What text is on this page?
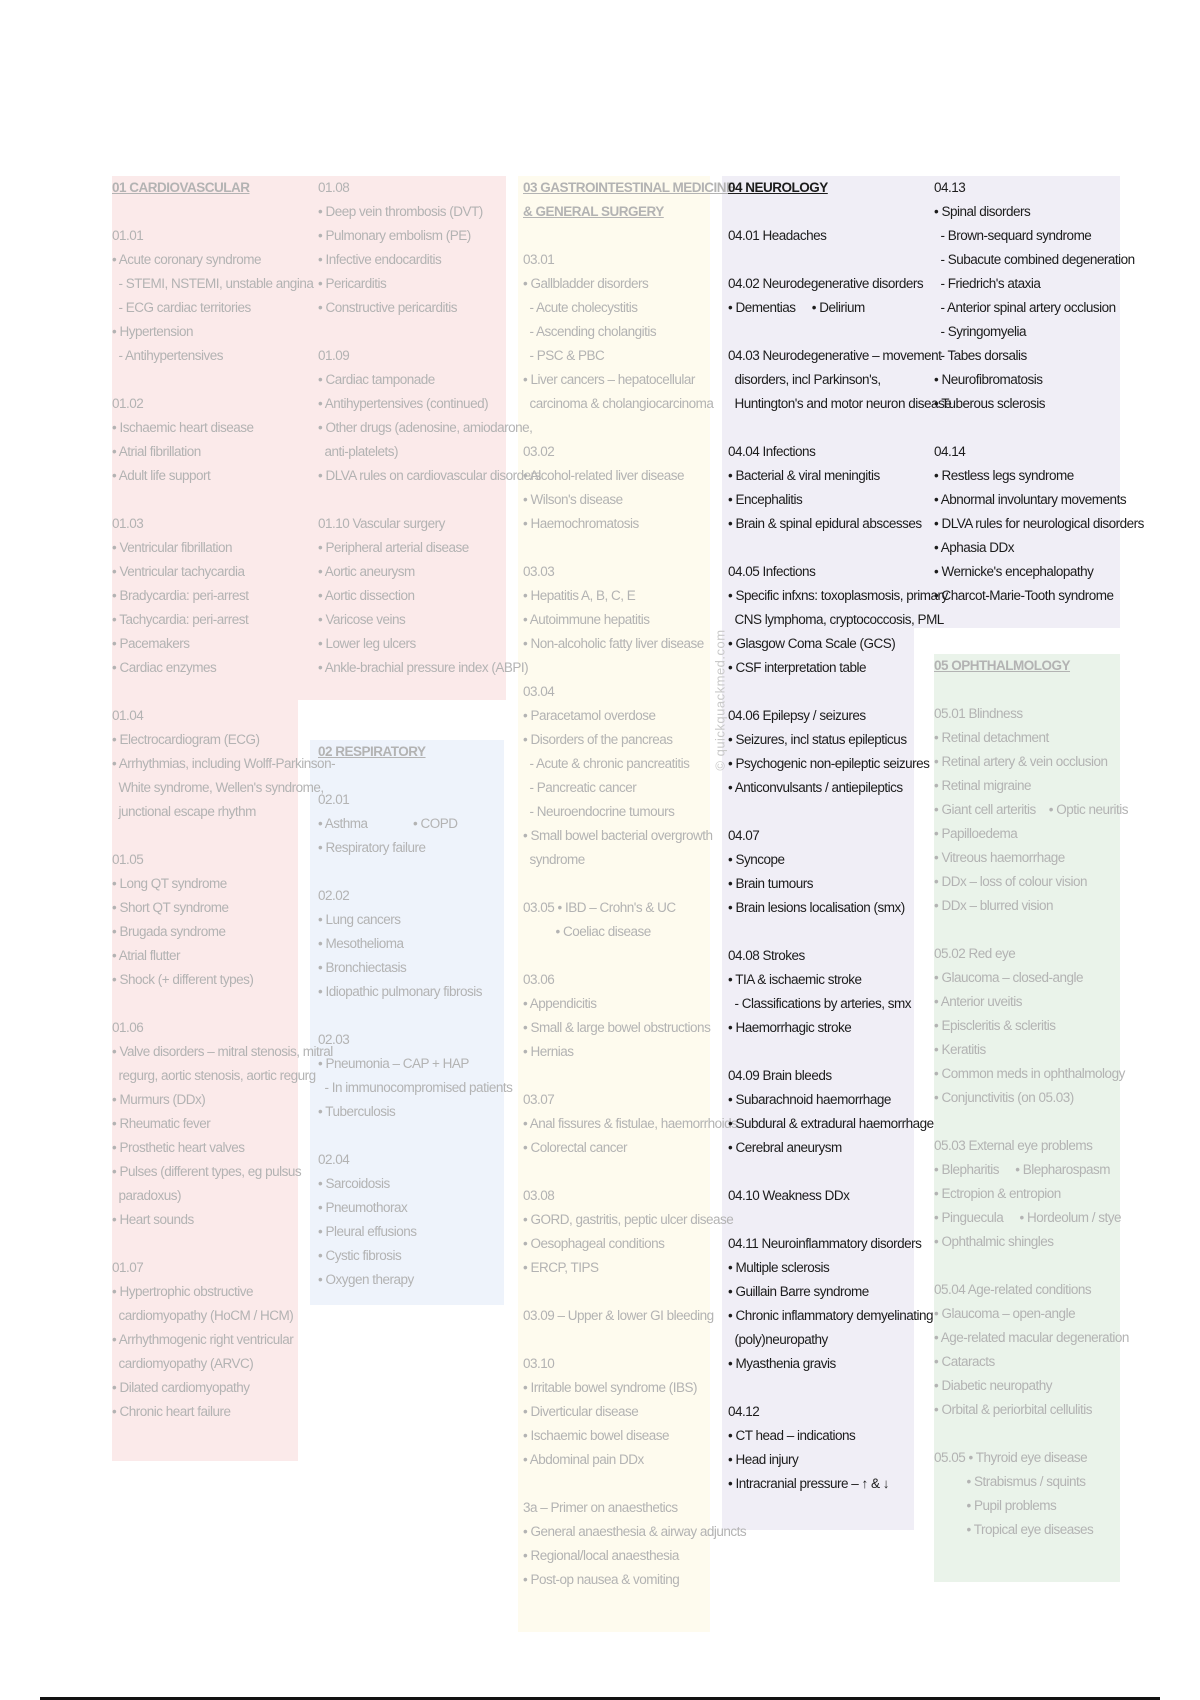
01 CARDIOVASCULAR
01.01
• Acute coronary syndrome
- STEMI, NSTEMI, unstable angina
- ECG cardiac territories
• Hypertension
- Antihypertensives
01.02
• Ischaemic heart disease
• Atrial fibrillation
• Adult life support
01.03
• Ventricular fibrillation
• Ventricular tachycardia
• Bradycardia: peri-arrest
• Tachycardia: peri-arrest
• Pacemakers
• Cardiac enzymes
01.04
• Electrocardiogram (ECG)
• Arrhythmias, including Wolff-Parkinson-
White syndrome, Wellen's syndrome,
junctional escape rhythm
01.05
• Long QT syndrome
• Short QT syndrome
• Brugada syndrome
• Atrial flutter
• Shock (+ different types)
01.06
• Valve disorders – mitral stenosis, mitral
regurg, aortic stenosis, aortic regurg
• Murmurs (DDx)
• Rheumatic fever
• Prosthetic heart valves
• Pulses (different types, eg pulsus
paradoxus)
• Heart sounds
01.07
• Hypertrophic obstructive
cardiomyopathy (HoCM / HCM)
• Arrhythmogenic right ventricular
cardiomyopathy (ARVC)
• Dilated cardiomyopathy
• Chronic heart failure
01.08
• Deep vein thrombosis (DVT)
• Pulmonary embolism (PE)
• Infective endocarditis
• Pericarditis
• Constructive pericarditis
01.09
• Cardiac tamponade
• Antihypertensives (continued)
• Other drugs (adenosine, amiodarone,
anti-platelets)
• DLVA rules on cardiovascular disorders
01.10 Vascular surgery
• Peripheral arterial disease
• Aortic aneurysm
• Aortic dissection
• Varicose veins
• Lower leg ulcers
• Ankle-brachial pressure index (ABPI)
02 RESPIRATORY
02.01
• Asthma              • COPD
• Respiratory failure
02.02
• Lung cancers
• Mesothelioma
• Bronchiectasis
• Idiopathic pulmonary fibrosis
02.03
• Pneumonia – CAP + HAP
- In immunocompromised patients
• Tuberculosis
02.04
• Sarcoidosis
• Pneumothorax
• Pleural effusions
• Cystic fibrosis
• Oxygen therapy
03 GASTROINTESTINAL MEDICINE
& GENERAL SURGERY
03.01
• Gallbladder disorders
- Acute cholecystitis
- Ascending cholangitis
- PSC & PBC
• Liver cancers – hepatocellular
carcinoma & cholangiocarcinoma
03.02
• Alcohol-related liver disease
• Wilson's disease
• Haemochromatosis
03.03
• Hepatitis A, B, C, E
• Autoimmune hepatitis
• Non-alcoholic fatty liver disease
03.04
• Paracetamol overdose
• Disorders of the pancreas
- Acute & chronic pancreatitis
- Pancreatic cancer
- Neuroendocrine tumours
• Small bowel bacterial overgrowth
syndrome
03.05 • IBD – Crohn's & UC
• Coeliac disease
03.06
• Appendicitis
• Small & large bowel obstructions
• Hernias
03.07
• Anal fissures & fistulae, haemorrhoids
• Colorectal cancer
03.08
• GORD, gastritis, peptic ulcer disease
• Oesophageal conditions
• ERCP, TIPS
03.09 – Upper & lower GI bleeding
03.10
• Irritable bowel syndrome (IBS)
• Diverticular disease
• Ischaemic bowel disease
• Abdominal pain DDx
3a – Primer on anaesthetics
• General anaesthesia & airway adjuncts
• Regional/local anaesthesia
• Post-op nausea & vomiting
04 NEUROLOGY
04.01 Headaches
04.02 Neurodegenerative disorders
• Dementias     • Delirium
04.03 Neurodegenerative – movement
disorders, incl Parkinson's,
Huntington's and motor neuron disease
04.04 Infections
• Bacterial & viral meningitis
• Encephalitis
• Brain & spinal epidural abscesses
04.05 Infections
• Specific infxns: toxoplasmosis, primary
CNS lymphoma, cryptococcosis, PML
• Glasgow Coma Scale (GCS)
• CSF interpretation table
04.06 Epilepsy / seizures
• Seizures, incl status epilepticus
• Psychogenic non-epileptic seizures
• Anticonvulsants / antiepileptics
04.07
• Syncope
• Brain tumours
• Brain lesions localisation (smx)
04.08 Strokes
• TIA & ischaemic stroke
- Classifications by arteries, smx
• Haemorrhagic stroke
04.09 Brain bleeds
• Subarachnoid haemorrhage
• Subdural & extradural haemorrhage
• Cerebral aneurysm
04.10 Weakness DDx
04.11 Neuroinflammatory disorders
• Multiple sclerosis
• Guillain Barre syndrome
• Chronic inflammatory demyelinating
(poly)neuropathy
• Myasthenia gravis
04.12
• CT head – indications
• Head injury
• Intracranial pressure – ↑ & ↓
04.13
• Spinal disorders
- Brown-sequard syndrome
- Subacute combined degeneration
- Friedrich's ataxia
- Anterior spinal artery occlusion
- Syringomyelia
- Tabes dorsalis
• Neurofibromatosis
• Tuberous sclerosis
04.14
• Restless legs syndrome
• Abnormal involuntary movements
• DLVA rules for neurological disorders
• Aphasia DDx
• Wernicke's encephalopathy
• Charcot-Marie-Tooth syndrome
05 OPHTHALMOLOGY
05.01 Blindness
• Retinal detachment
• Retinal artery & vein occlusion
• Retinal migraine
• Giant cell arteritis    • Optic neuritis
• Papilloedema
• Vitreous haemorrhage
• DDx – loss of colour vision
• DDx – blurred vision
05.02 Red eye
• Glaucoma – closed-angle
• Anterior uveitis
• Episcleritis & scleritis
• Keratitis
• Common meds in ophthalmology
• Conjunctivitis (on 05.03)
05.03 External eye problems
• Blepharitis     • Blepharospasm
• Ectropion & entropion
• Pinguecula     • Hordeolum / stye
• Ophthalmic shingles
05.04 Age-related conditions
• Glaucoma – open-angle
• Age-related macular degeneration
• Cataracts
• Diabetic neuropathy
• Orbital & periorbital cellulitis
05.05 • Thyroid eye disease
• Strabismus / squints
• Pupil problems
• Tropical eye diseases
© quickquackmed.com
